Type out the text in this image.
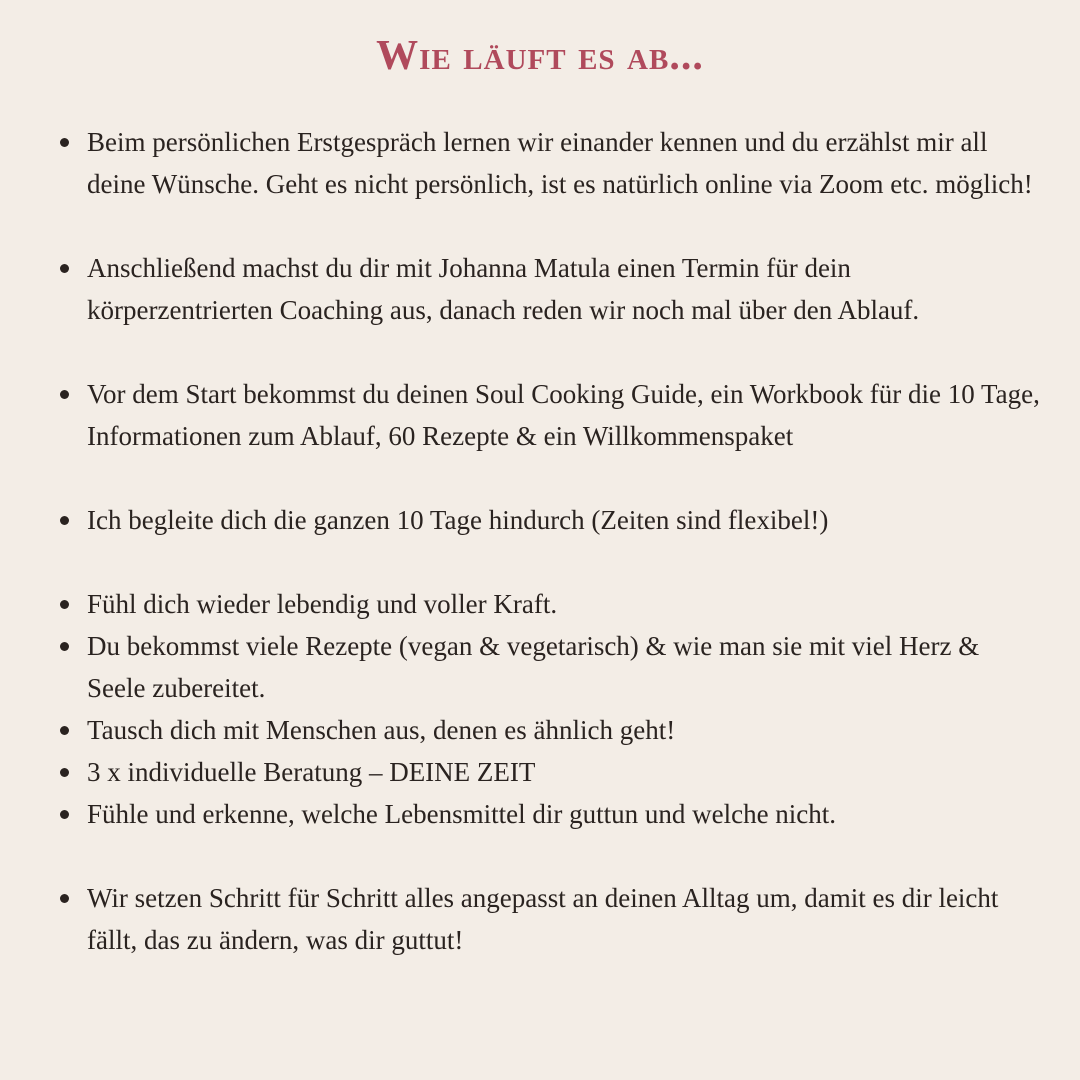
Wie läuft es ab...
Beim persönlichen Erstgespräch lernen wir einander kennen und du erzählst mir all deine Wünsche. Geht es nicht persönlich, ist es natürlich online via Zoom etc. möglich!
Anschließend machst du dir mit Johanna Matula einen Termin für dein körperzentrierten Coaching aus, danach reden wir noch mal über den Ablauf.
Vor dem Start bekommst du deinen Soul Cooking Guide, ein Workbook für die 10 Tage, Informationen zum Ablauf, 60 Rezepte & ein Willkommenspaket
Ich begleite dich die ganzen 10 Tage hindurch (Zeiten sind flexibel!)
Fühl dich wieder lebendig und voller Kraft.
Du bekommst viele Rezepte (vegan & vegetarisch) & wie man sie mit viel Herz & Seele zubereitet.
Tausch dich mit Menschen aus, denen es ähnlich geht!
3 x individuelle Beratung – DEINE ZEIT
Fühle und erkenne, welche Lebensmittel dir guttun und welche nicht.
Wir setzen Schritt für Schritt alles angepasst an deinen Alltag um, damit es dir leicht fällt, das zu ändern, was dir guttut!
